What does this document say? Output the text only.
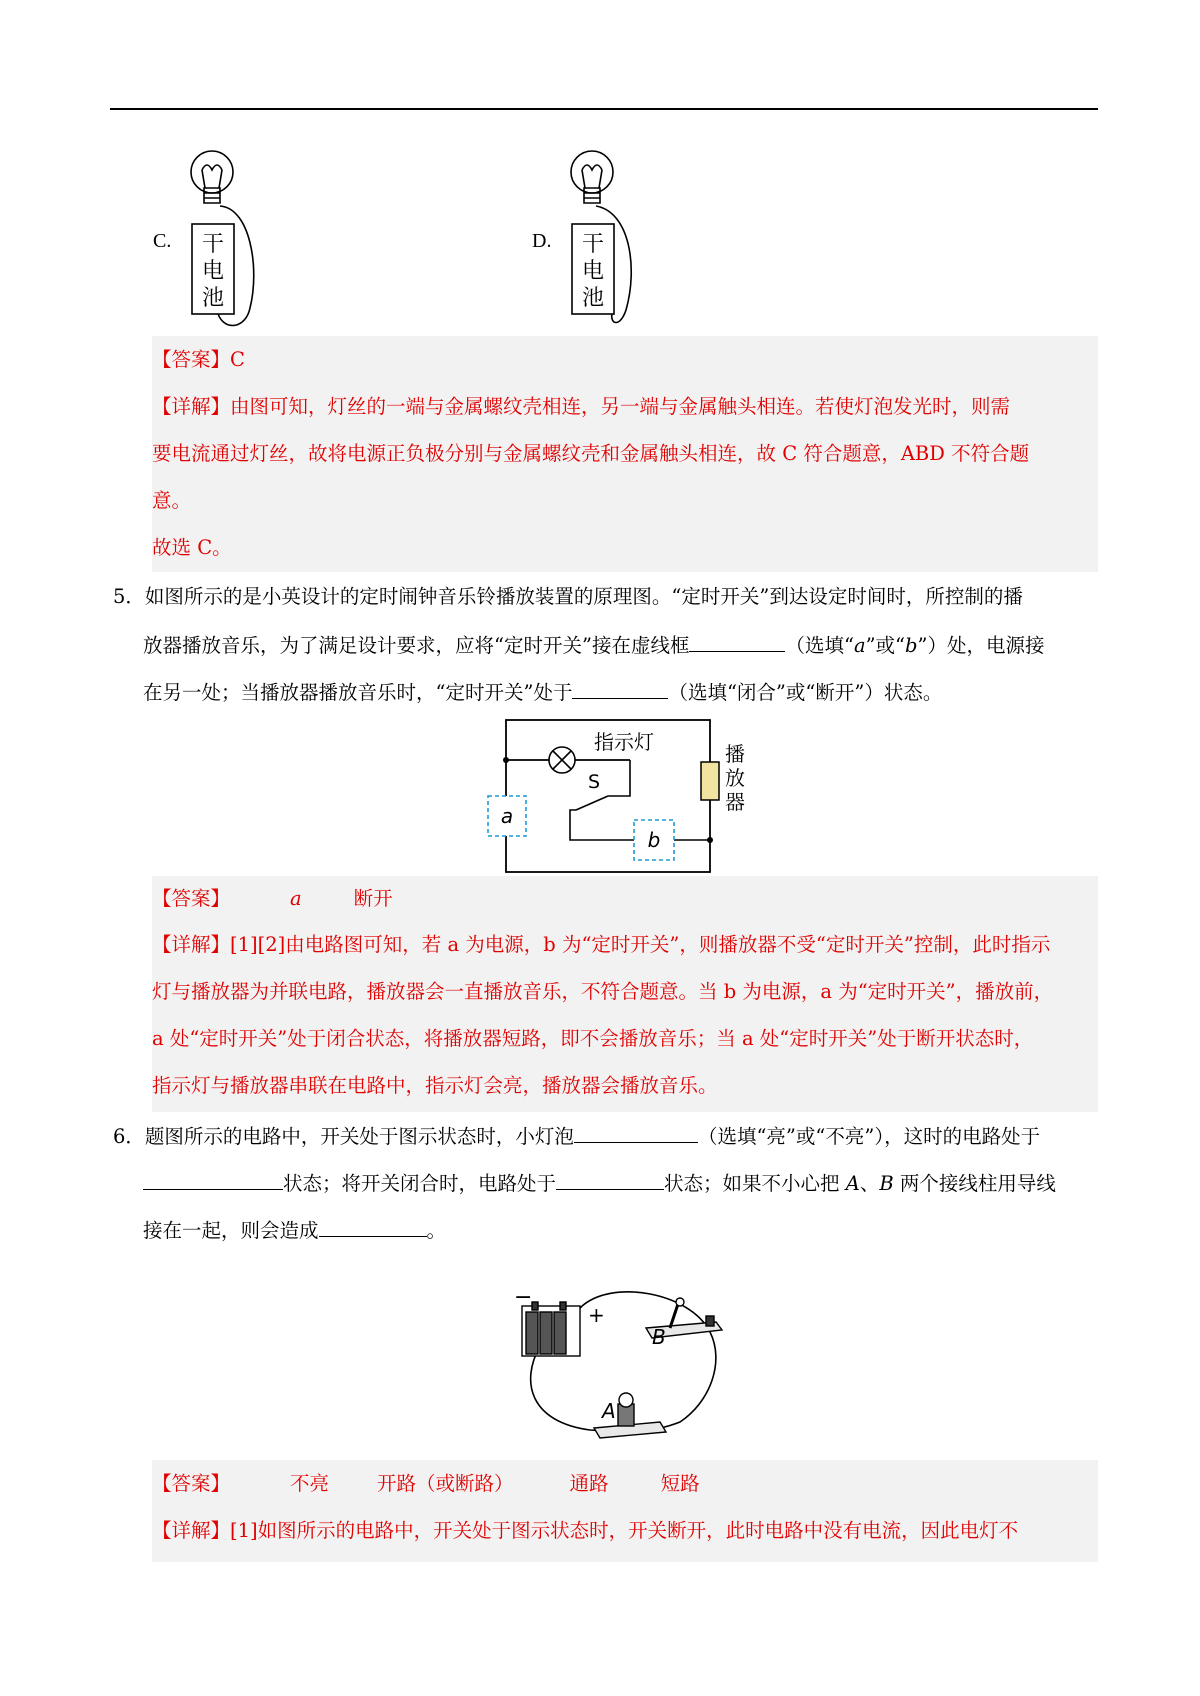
C.	D.
干
电
池
干
电
池
【答案】C
【详解】由图可知，灯丝的一端与金属螺纹壳相连，另一端与金属触头相连。若使灯泡发光时，则需
要电流通过灯丝，故将电源正负极分别与金属螺纹壳和金属触头相连，故 C 符合题意，ABD 不符合题
意。
故选 C。
5．如图所示的是小英设计的定时闹钟音乐铃播放装置的原理图。“定时开关”到达设定时间时，所控制的播
放器播放音乐，为了满足设计要求，应将“定时开关”接在虚线框	（选填“a”或“b”）处，电源接
在另一处；当播放器播放音乐时，“定时开关”处于	（选填“闭合”或“断开”）状态。
指示灯
S
播
放
器
a
b
【答案】	a	断开
【详解】[1][2]由电路图可知，若 a 为电源，b 为“定时开关”，则播放器不受“定时开关”控制，此时指示
灯与播放器为并联电路，播放器会一直播放音乐，不符合题意。当 b 为电源，a 为“定时开关”，播放前，
a 处“定时开关”处于闭合状态，将播放器短路，即不会播放音乐；当 a 处“定时开关”处于断开状态时，
指示灯与播放器串联在电路中，指示灯会亮，播放器会播放音乐。
6．题图所示的电路中，开关处于图示状态时，小灯泡	（选填“亮”或“不亮”），这时的电路处于
状态；将开关闭合时，电路处于	状态；如果不小心把 A、B 两个接线柱用导线
接在一起，则会造成	。
−
+
B
A
【答案】	不亮 开路（或断路）	通路	短路
【详解】[1]如图所示的电路中，开关处于图示状态时，开关断开，此时电路中没有电流，因此电灯不
